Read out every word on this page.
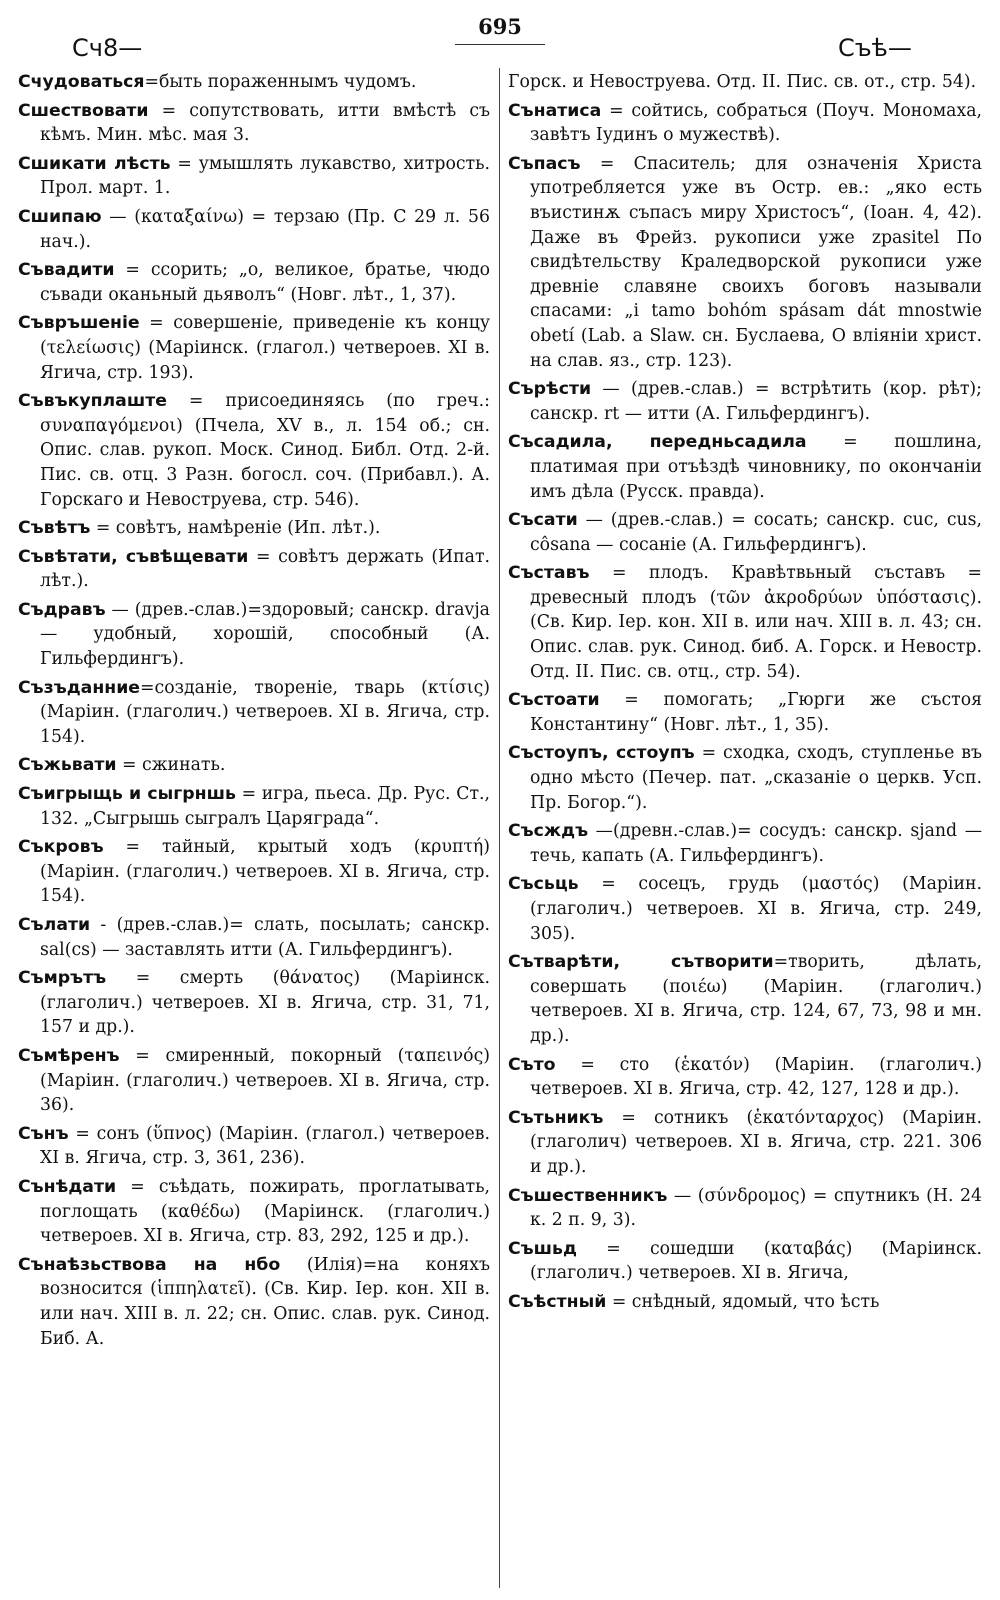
Сч8—
695
Съѣ—

Счудоваться=быть пораженнымъ чудомъ.

Сшествовати = сопутствовать, итти вмѣстѣ съ кѣмъ. Мин. мѣс. мая 3.

Сшикати лѣсть = умышлять лукавство, хитрость. Прол. март. 1.

Сшипаю — (καταξαίνω) = терзаю (Пр. С 29 л. 56 нач.).

Съвадити = ссорить; „о, великое, братье, чюдо съвади оканьный дьяволъ“ (Новг. лѣт., 1, 37).

Съвръшеніе = совершеніе, приведеніе къ концу (τελείωσις) (Маріинск. (глагол.) четвероев. XI в. Ягича, стр. 193).

Съвъкуплаште = присоединяясь (по греч.: συναπαγόμενοι) (Пчела, XV в., л. 154 об.; сн. Опис. слав. рукоп. Моск. Синод. Библ. Отд. 2-й. Пис. св. отц. 3 Разн. богосл. соч. (Прибавл.). А. Горскаго и Невоструева, стр. 546).

Съвѣтъ = совѣтъ, намѣреніе (Ип. лѣт.).

Съвѣтати, съвѣщевати = совѣтъ держать (Ипат. лѣт.).

Съдравъ — (древ.-слав.)=здоровый; санскр. dravja — удобный, хорошій, способный (А. Гильфердингъ).

Съзъданние=созданіе, твореніе, тварь (κτίσις) (Маріин. (глаголич.) четвероев. XI в. Ягича, стр. 154).

Съжьвати = сжинать.

Съигрыщь и сыгрншь = игра, пьеса. Др. Рус. Ст., 132. „Сыгрышь сыгралъ Цаpяграда“.

Съкровъ = тайный, крытый ходъ (κρυπτή) (Маріин. (глаголич.) четвероев. XI в. Ягича, стр. 154).

Сълати - (древ.-слав.)= слать, посылать; санскр. sal(cs) — заставлять итти (А. Гильфердингъ).

Съмрътъ = смерть (θάνατος) (Маріинск. (глаголич.) четвероев. XI в. Ягича, стр. 31, 71, 157 и др.).

Съмѣренъ = смиренный, покорный (ταπεινός) (Маріин. (глаголич.) четвероев. XI в. Ягича, стр. 36).

Сънъ = сонъ (ὕπνος) (Маріин. (глагол.) четвероев. XI в. Ягича, стр. 3, 361, 236).

Сънѣдати = съѣдать, пожирать, проглатывать, поглощать (καθέδω) (Маріинск. (глаголич.) четвероев. XI в. Ягича, стр. 83, 292, 125 и др.).

Сънаѣзьствова на нбо (Илія)=на коняхъ возносится (ἱππηλατεῖ). (Св. Кир. Іер. кон. XII в. или нач. XIII в. л. 22; сн. Опис. слав. рук. Синод. Биб. А.

Горск. и Невоструева. Отд. II. Пис. св. от., стр. 54).

Сънатиса = сойтись, собраться (Поуч. Мономаха, завѣтъ Іудинъ о мужествѣ).

Съпасъ = Спаситель; для означенія Христа употребляется уже въ Остр. ев.: „яко есть въистинѫ съпасъ миру Христосъ“, (Іоан. 4, 42). Даже въ Фрейз. рукописи уже zpasitel По свидѣтельству Краледворской рукописи уже древніе славяне своихъ боговъ называли спасами: „i tamo bohóm spásam dát mnostwie obetí (Lab. a Slaw. сн. Буслаева, О вліяніи христ. на слав. яз., стр. 123).

Сърѣсти — (древ.-слав.) = встрѣтить (кор. рѣт); санскр. rt — итти (А. Гильфердингъ).

Съсадила, передньсадила = пошлина, платимая при отъѣздѣ чиновнику, по окончаніи имъ дѣла (Русск. правда).

Съсати — (древ.-слав.) = сосать; санскр. cuc, cus, côsana — сосаніе (А. Гильфердингъ).

Съставъ = плодъ. Кравѣтвьный съставъ = древесный плодъ (τῶν ἀκροδρύων ὑπόστασις). (Св. Кир. Іер. кон. XII в. или нач. XIII в. л. 43; сн. Опис. слав. рук. Синод. биб. А. Горск. и Невостр. Отд. II. Пис. св. отц., стр. 54).

Състоати = помогать; „Гюрги же състоя Константину“ (Новг. лѣт., 1, 35).

Състоупъ, сстоупъ = сходка, сходъ, ступленье въ одно мѣсто (Печер. пат. „сказаніе о церкв. Усп. Пр. Богор.“).

Съсждъ —(древн.-слав.)= сосудъ: санскр. sjand — течь, капать (А. Гильфердингъ).

Съсьць = сосецъ, грудь (μαστός) (Маріин. (глаголич.) четвероев. XI в. Ягича, стр. 249, 305).

Сътварѣти, сътворити=творить, дѣлать, совершать (ποιέω) (Маріин. (глаголич.) четвероев. XI в. Ягича, стр. 124, 67, 73, 98 и мн. др.).

Съто = сто (ἑκατόν) (Маріин. (глаголич.) четвероев. XI в. Ягича, стр. 42, 127, 128 и др.).

Сътьникъ = сотникъ (ἑκατόνταρχος) (Маріин. (глаголич) четвероев. XI в. Ягича, стр. 221. 306 и др.).

Съшественникъ — (σύνδρομος) = спутникъ (Н. 24 к. 2 п. 9, 3).

Съшьд = сошедши (καταβάς) (Маріинск. (глаголич.) четвероев. XI в. Ягича,

Съѣстный = снѣдный, ядомый, что ѣсть
